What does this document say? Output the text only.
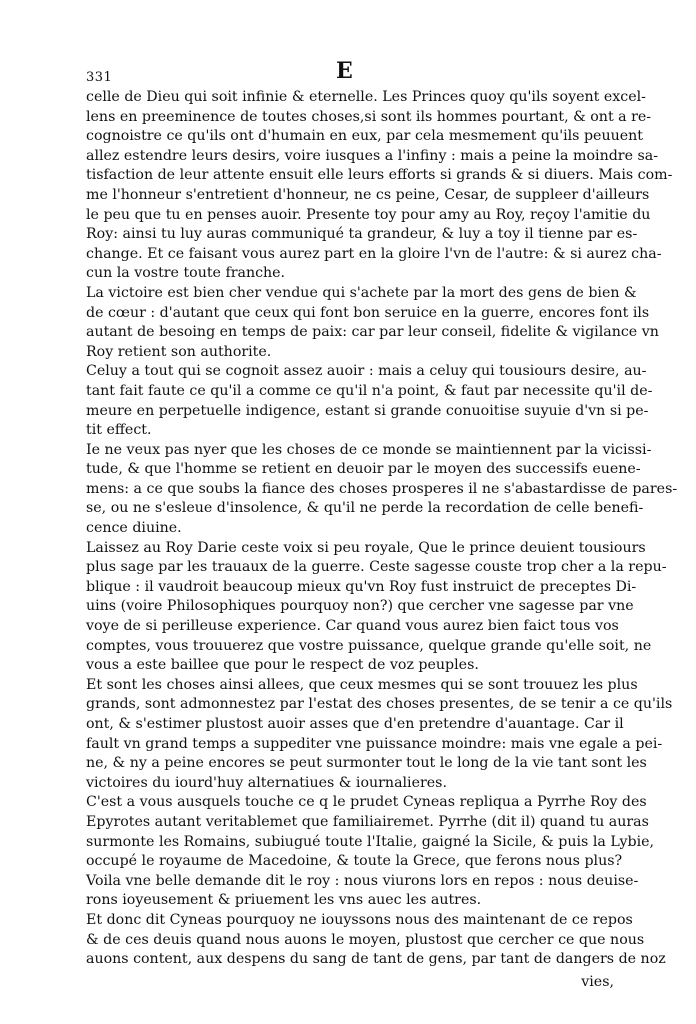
331	E
celle de Dieu qui soit infinie & eternelle. Les Princes quoy qu'ils soyent excel-
lens en preeminence de toutes choses,si sont ils hommes pourtant, & ont a re-
cognoistre ce qu'ils ont d'humain en eux, par cela mesmement qu'ils peuuent
allez estendre leurs desirs, voire iusques a l'infiny : mais a peine la moindre sa-
tisfaction de leur attente ensuit elle leurs efforts si grands & si diuers. Mais com-
me l'honneur s'entretient d'honneur, ne cs peine, Cesar, de suppleer d'ailleurs
le peu que tu en penses auoir. Presente toy pour amy au Roy, reçoy l'amitie du
Roy: ainsi tu luy auras communiqué ta grandeur, & luy a toy il tienne par es-
change. Et ce faisant vous aurez part en la gloire l'vn de l'autre: & si aurez cha-
cun la vostre toute franche.
La victoire est bien cher vendue qui s'achete par la mort des gens de bien &
de cœur : d'autant que ceux qui font bon seruice en la guerre, encores font ils
autant de besoing en temps de paix: car par leur conseil, fidelite & vigilance vn
Roy retient son authorite.
Celuy a tout qui se cognoit assez auoir : mais a celuy qui tousiours desire, au-
tant fait faute ce qu'il a comme ce qu'il n'a point, & faut par necessite qu'il de-
meure en perpetuelle indigence, estant si grande conuoitise suyuie d'vn si pe-
tit effect.
Ie ne veux pas nyer que les choses de ce monde se maintiennent par la vicissi-
tude, & que l'homme se retient en deuoir par le moyen des successifs euene-
mens: a ce que soubs la fiance des choses prosperes il ne s'abastardisse de pares-
se, ou ne s'esleue d'insolence, & qu'il ne perde la recordation de celle benefi-
cence diuine.
Laissez au Roy Darie ceste voix si peu royale, Que le prince deuient tousiours
plus sage par les trauaux de la guerre. Ceste sagesse couste trop cher a la repu-
blique : il vaudroit beaucoup mieux qu'vn Roy fust instruict de preceptes Di-
uins (voire Philosophiques pourquoy non?) que cercher vne sagesse par vne
voye de si perilleuse experience. Car quand vous aurez bien faict tous vos
comptes, vous trouuerez que vostre puissance, quelque grande qu'elle soit, ne
vous a este baillee que pour le respect de voz peuples.
Et sont les choses ainsi allees, que ceux mesmes qui se sont trouuez les plus
grands, sont admonnestez par l'estat des choses presentes, de se tenir a ce qu'ils
ont, & s'estimer plustost auoir asses que d'en pretendre d'auantage. Car il
fault vn grand temps a suppediter vne puissance moindre: mais vne egale a pei-
ne, & ny a peine encores se peut surmonter tout le long de la vie tant sont les
victoires du iourd'huy alternatiues & iournalieres.
C'est a vous ausquels touche ce q le prudet Cyneas repliqua a Pyrrhe Roy des
Epyrotes autant veritablemet que familiairemet. Pyrrhe (dit il) quand tu auras
surmonte les Romains, subiugué toute l'Italie, gaigné la Sicile, & puis la Lybie,
occupé le royaume de Macedoine, & toute la Grece, que ferons nous plus?
Voila vne belle demande dit le roy : nous viurons lors en repos : nous deuise-
rons ioyeusement & priuement les vns auec les autres.
Et donc dit Cyneas pourquoy ne iouyssons nous des maintenant de ce repos
& de ces deuis quand nous auons le moyen, plustost que cercher ce que nous
auons content, aux despens du sang de tant de gens, par tant de dangers de noz
vies,
